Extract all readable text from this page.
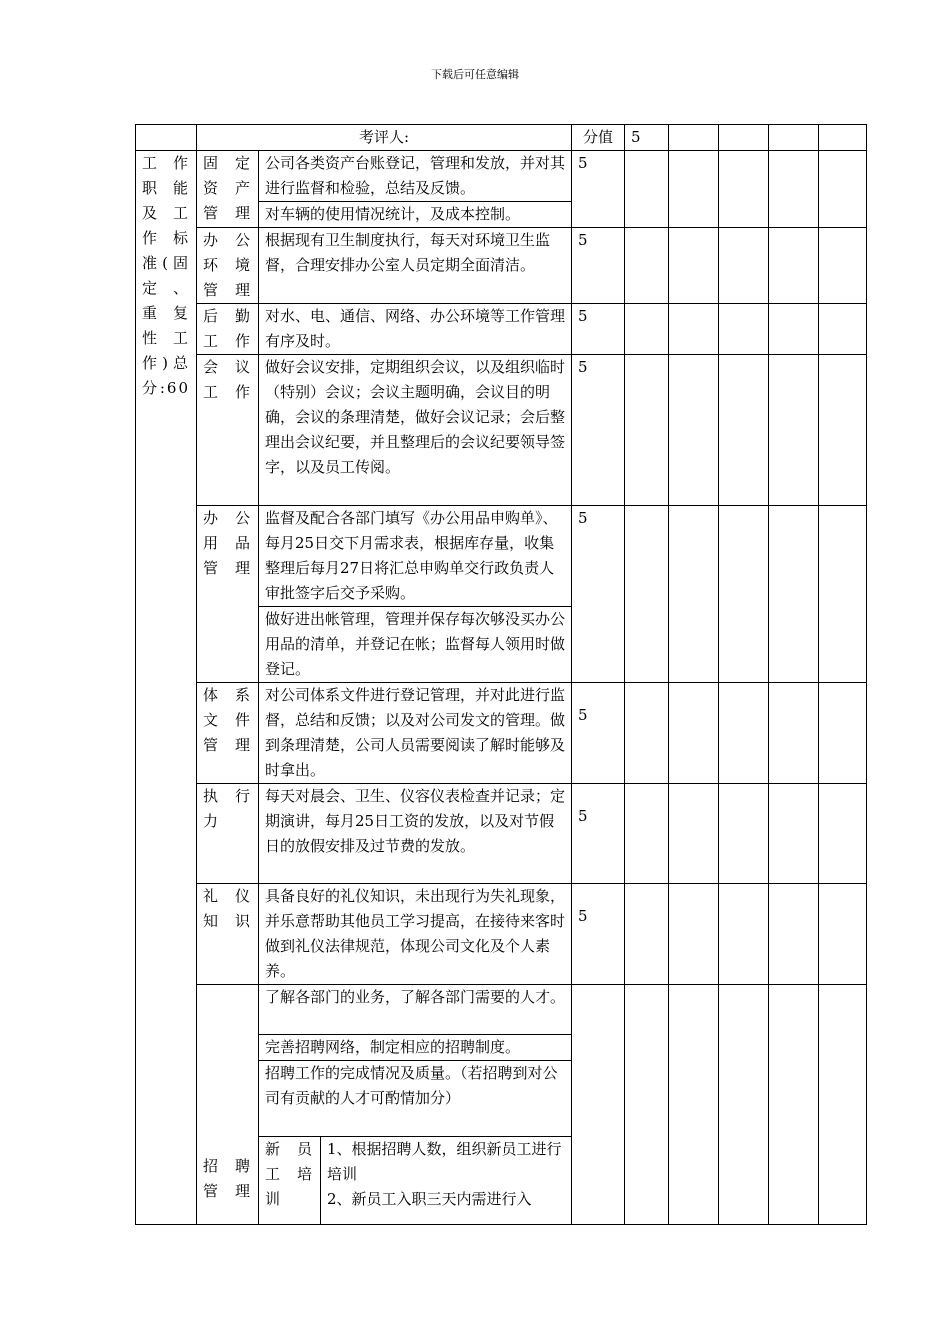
下载后可任意编辑
	考评人:			分值	5				
工作职能及工作标准(固定、重复性工作)总分:60	固定资产管理	公司各类资产台账登记，管理和发放，并对其进行监督和检验，总结及反馈。		5					
		对车辆的使用情况统计，及成本控制。							
	办公环境管理	根据现有卫生制度执行，每天对环境卫生监督，合理安排办公室人员定期全面清洁。		5					
	后勤工作	对水、电、通信、网络、办公环境等工作管理有序及时。		5					
	会议工作	做好会议安排，定期组织会议，以及组织临时（特别）会议；会议主题明确，会议目的明确，会议的条理清楚，做好会议记录；会后整理出会议纪要，并且整理后的会议纪要领导签字，以及员工传阅。		5					
	办公用品管理	监督及配合各部门填写《办公用品申购单》、每月25日交下月需求表，根据库存量，收集整理后每月27日将汇总申购单交行政负责人审批签字后交予采购。		5					
		做好进出帐管理，管理并保存每次够没买办公用品的清单，并登记在帐；监督每人领用时做登记。							
	体系文件管理	对公司体系文件进行登记管理，并对此进行监督，总结和反馈；以及对公司发文的管理。做到条理清楚，公司人员需要阅读了解时能够及时拿出。		5					
	执行力	每天对晨会、卫生、仪容仪表检查并记录；定期演讲，每月25日工资的发放，以及对节假日的放假安排及过节费的发放。		5					
	礼仪知识	具备良好的礼仪知识，未出现行为失礼现象，并乐意帮助其他员工学习提高，在接待来客时做到礼仪法律规范，体现公司文化及个人素养。		5					
	招聘管理	了解各部门的业务，了解各部门需要的人才。							
		完善招聘网络，制定相应的招聘制度。							
		招聘工作的完成情况及质量。（若招聘到对公司有贡献的人才可酌情加分）							
		新员工培训	1、根据招聘人数，组织新员工进行培训
2、新员工入职三天内需进行入						
